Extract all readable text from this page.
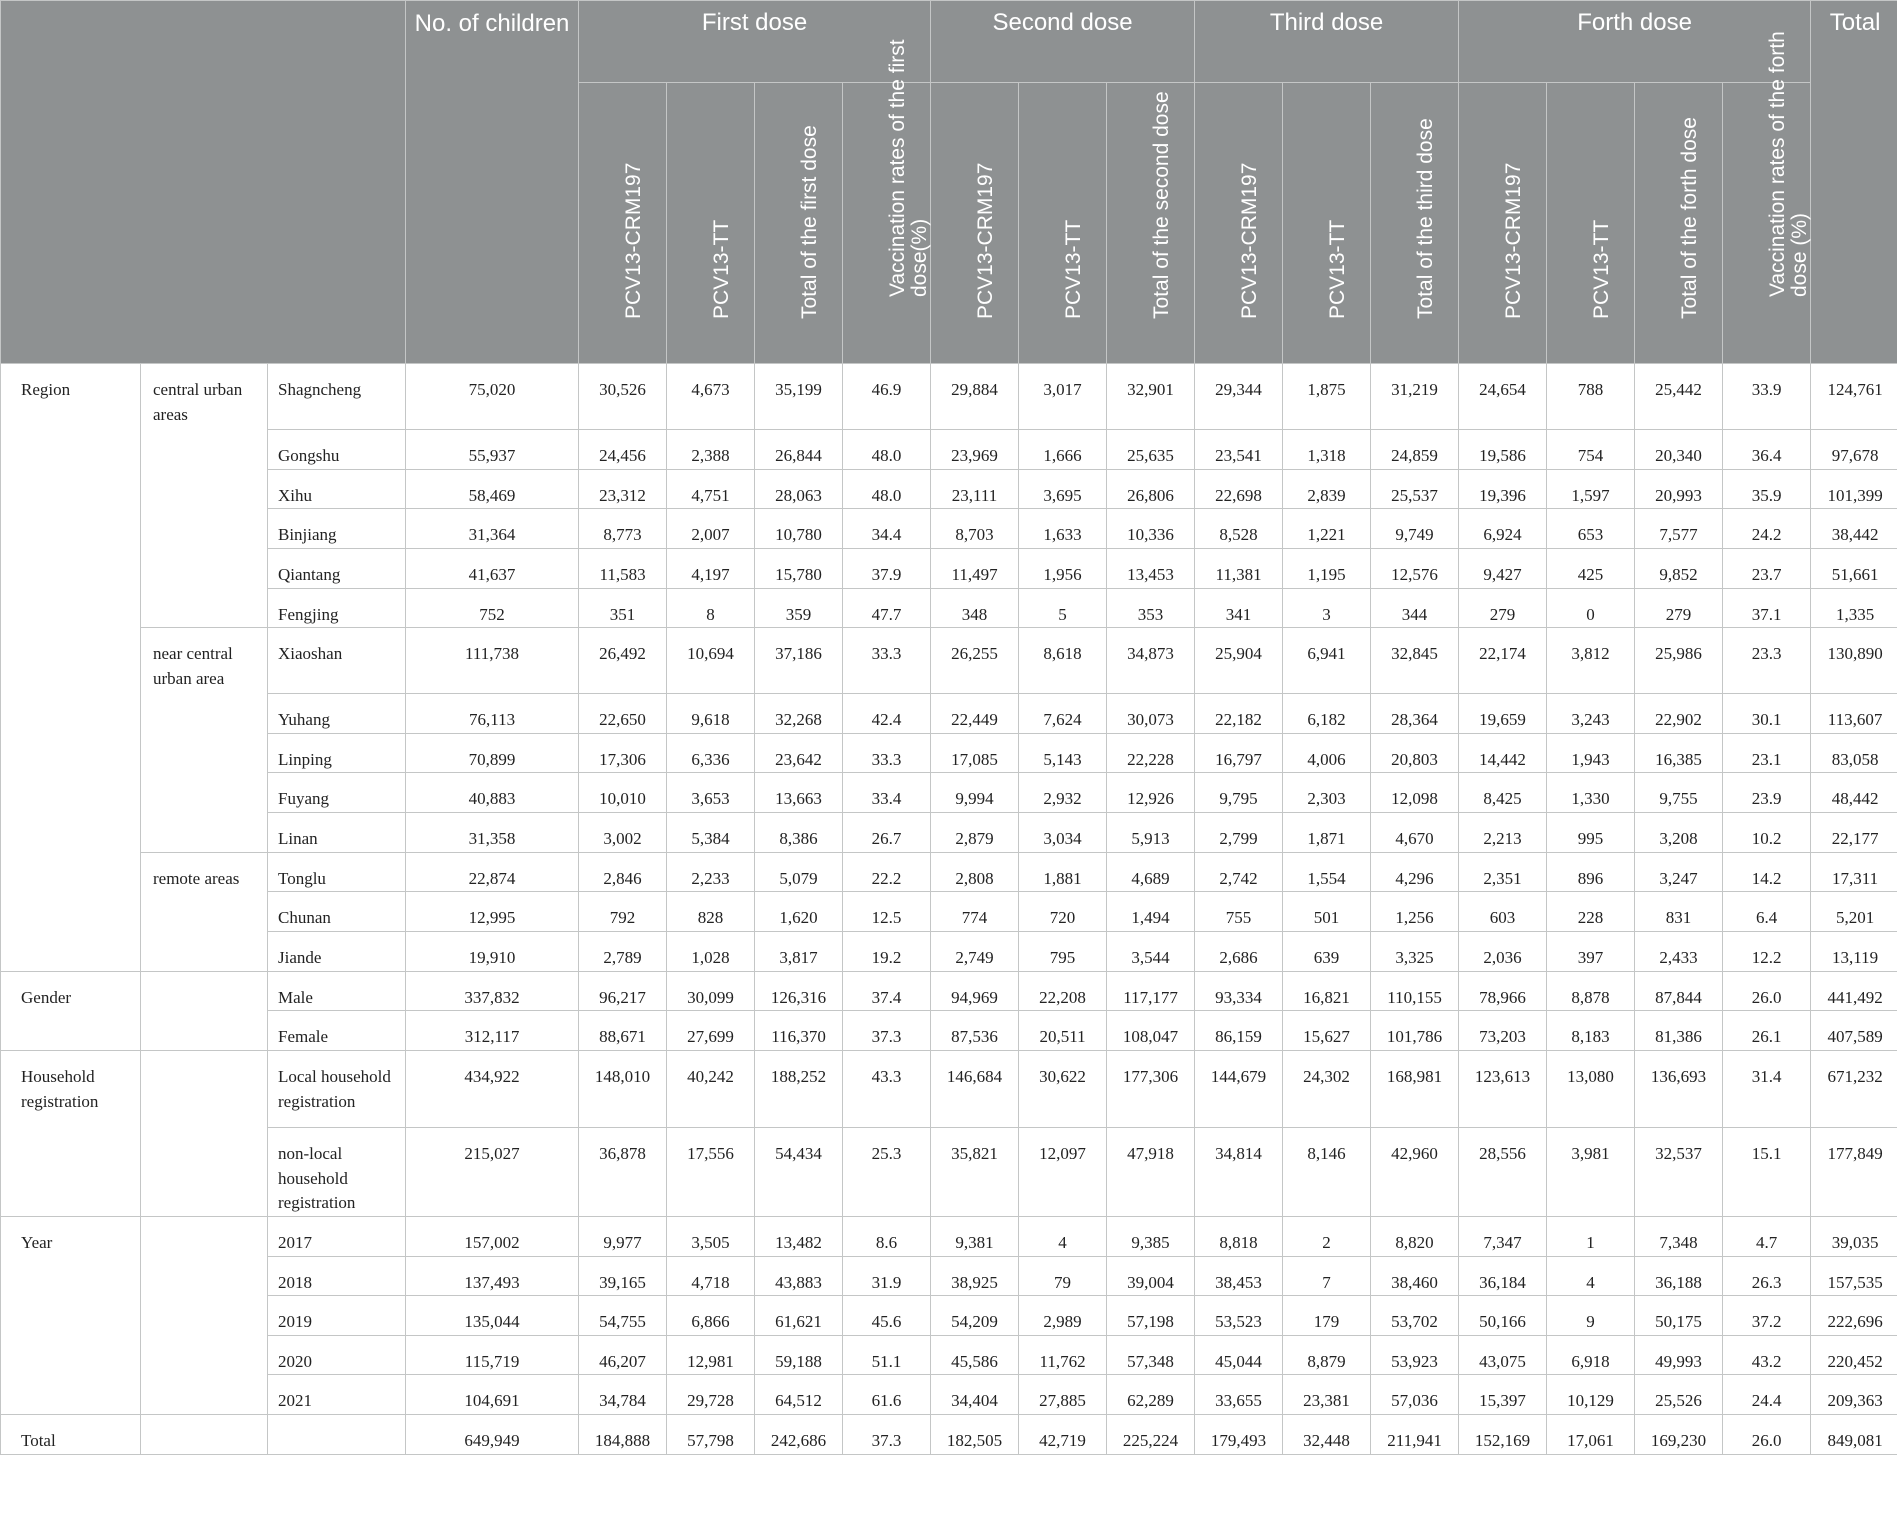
			No. of children	First dose				Second dose			Third dose			Forth dose				Total

				PCV13-CRM197	PCV13-TT	Total of the first dose	Vaccination rates of the first dose(%)	PCV13-CRM197	PCV13-TT	Total of the second dose	PCV13-CRM197	PCV13-TT	Total of the third dose	PCV13-CRM197	PCV13-TT	Total of the forth dose	Vaccination rates of the forth dose (%)	

Region	central urban areas	Shagncheng	75,020	30,526	4,673	35,199	46.9	29,884	3,017	32,901	29,344	1,875	31,219	24,654	788	25,442	33.9	124,761
		Gongshu	55,937	24,456	2,388	26,844	48.0	23,969	1,666	25,635	23,541	1,318	24,859	19,586	754	20,340	36.4	97,678
		Xihu	58,469	23,312	4,751	28,063	48.0	23,111	3,695	26,806	22,698	2,839	25,537	19,396	1,597	20,993	35.9	101,399
		Binjiang	31,364	8,773	2,007	10,780	34.4	8,703	1,633	10,336	8,528	1,221	9,749	6,924	653	7,577	24.2	38,442
		Qiantang	41,637	11,583	4,197	15,780	37.9	11,497	1,956	13,453	11,381	1,195	12,576	9,427	425	9,852	23.7	51,661
		Fengjing	752	351	8	359	47.7	348	5	353	341	3	344	279	0	279	37.1	1,335
	near central urban area	Xiaoshan	111,738	26,492	10,694	37,186	33.3	26,255	8,618	34,873	25,904	6,941	32,845	22,174	3,812	25,986	23.3	130,890
		Yuhang	76,113	22,650	9,618	32,268	42.4	22,449	7,624	30,073	22,182	6,182	28,364	19,659	3,243	22,902	30.1	113,607
		Linping	70,899	17,306	6,336	23,642	33.3	17,085	5,143	22,228	16,797	4,006	20,803	14,442	1,943	16,385	23.1	83,058
		Fuyang	40,883	10,010	3,653	13,663	33.4	9,994	2,932	12,926	9,795	2,303	12,098	8,425	1,330	9,755	23.9	48,442
		Linan	31,358	3,002	5,384	8,386	26.7	2,879	3,034	5,913	2,799	1,871	4,670	2,213	995	3,208	10.2	22,177
	remote areas	Tonglu	22,874	2,846	2,233	5,079	22.2	2,808	1,881	4,689	2,742	1,554	4,296	2,351	896	3,247	14.2	17,311
		Chunan	12,995	792	828	1,620	12.5	774	720	1,494	755	501	1,256	603	228	831	6.4	5,201
		Jiande	19,910	2,789	1,028	3,817	19.2	2,749	795	3,544	2,686	639	3,325	2,036	397	2,433	12.2	13,119
Gender		Male	337,832	96,217	30,099	126,316	37.4	94,969	22,208	117,177	93,334	16,821	110,155	78,966	8,878	87,844	26.0	441,492
		Female	312,117	88,671	27,699	116,370	37.3	87,536	20,511	108,047	86,159	15,627	101,786	73,203	8,183	81,386	26.1	407,589
Household registration		Local household registration	434,922	148,010	40,242	188,252	43.3	146,684	30,622	177,306	144,679	24,302	168,981	123,613	13,080	136,693	31.4	671,232
		non-local household registration	215,027	36,878	17,556	54,434	25.3	35,821	12,097	47,918	34,814	8,146	42,960	28,556	3,981	32,537	15.1	177,849
Year		2017	157,002	9,977	3,505	13,482	8.6	9,381	4	9,385	8,818	2	8,820	7,347	1	7,348	4.7	39,035
		2018	137,493	39,165	4,718	43,883	31.9	38,925	79	39,004	38,453	7	38,460	36,184	4	36,188	26.3	157,535
		2019	135,044	54,755	6,866	61,621	45.6	54,209	2,989	57,198	53,523	179	53,702	50,166	9	50,175	37.2	222,696
		2020	115,719	46,207	12,981	59,188	51.1	45,586	11,762	57,348	45,044	8,879	53,923	43,075	6,918	49,993	43.2	220,452
		2021	104,691	34,784	29,728	64,512	61.6	34,404	27,885	62,289	33,655	23,381	57,036	15,397	10,129	25,526	24.4	209,363
Total			649,949	184,888	57,798	242,686	37.3	182,505	42,719	225,224	179,493	32,448	211,941	152,169	17,061	169,230	26.0	849,081
